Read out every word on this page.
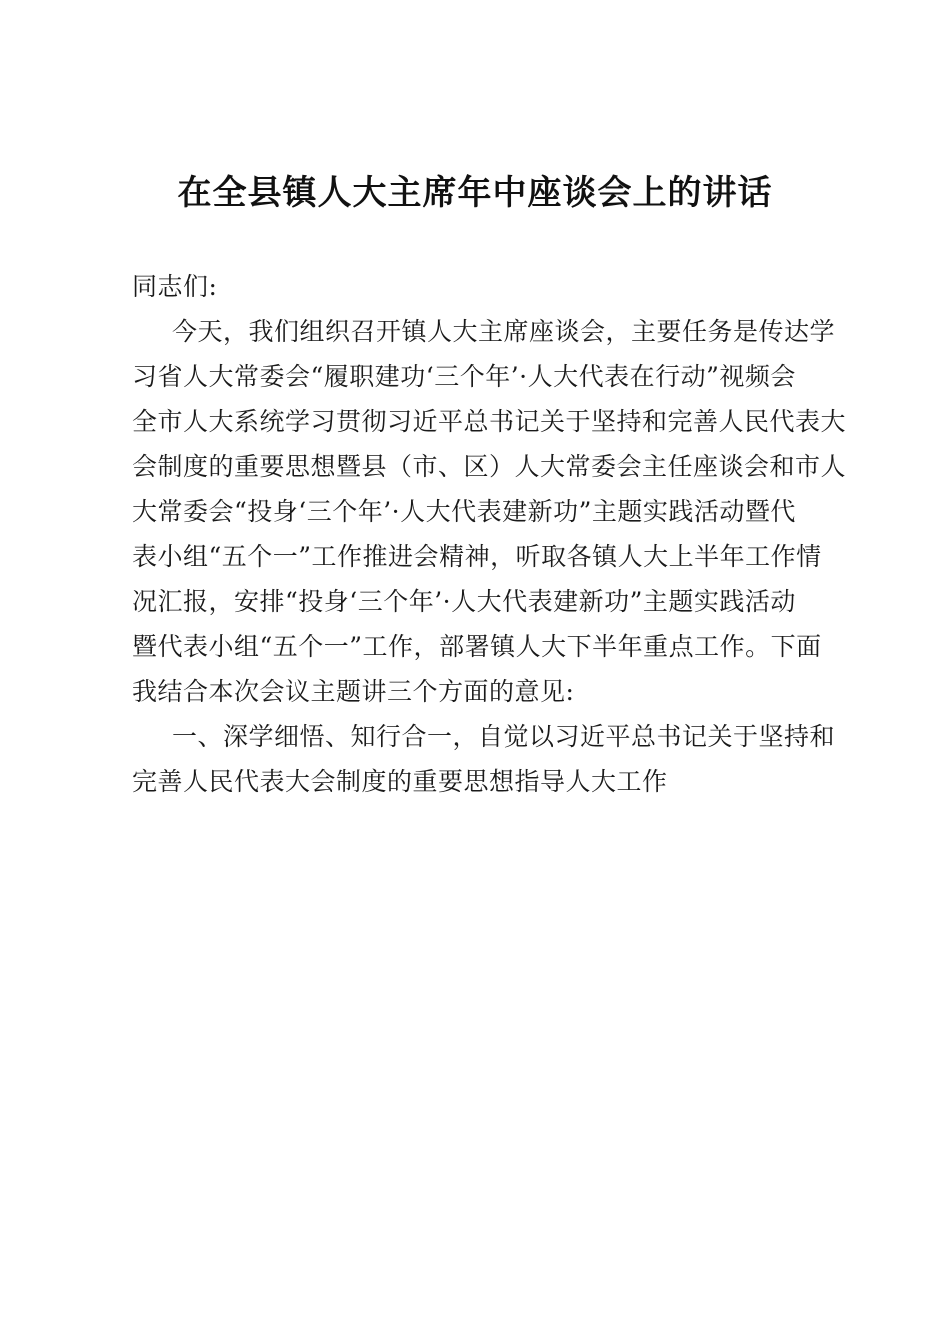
在全县镇人大主席年中座谈会上的讲话
同志们:
今天，我们组织召开镇人大主席座谈会，主要任务是传达学
习省人大常委会“履职建功‘三个年’·人大代表在行动”视频会
全市人大系统学习贯彻习近平总书记关于坚持和完善人民代表大
会制度的重要思想暨县（市、区）人大常委会主任座谈会和市人
大常委会“投身‘三个年’·人大代表建新功”主题实践活动暨代
表小组“五个一”工作推进会精神，听取各镇人大上半年工作情
况汇报，安排“投身‘三个年’·人大代表建新功”主题实践活动
暨代表小组“五个一”工作，部署镇人大下半年重点工作。下面
我结合本次会议主题讲三个方面的意见:
一、深学细悟、知行合一，自觉以习近平总书记关于坚持和
完善人民代表大会制度的重要思想指导人大工作
